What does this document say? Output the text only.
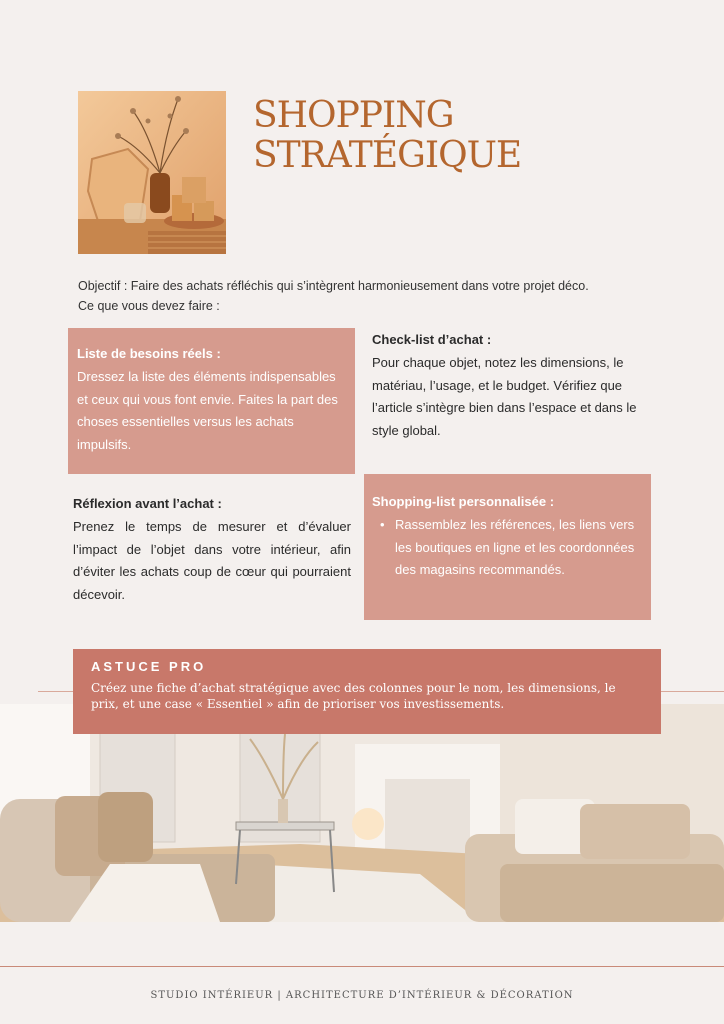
SHOPPING
STRATÉGIQUE

Objectif : Faire des achats réfléchis qui s’intègrent harmonieusement dans votre projet déco.

Ce que vous devez faire :

Liste de besoins réels :

Dressez la liste des éléments indispensables et ceux qui vous font envie. Faites la part des choses essentielles versus les achats impulsifs.

Check-list d’achat :

Pour chaque objet, notez les dimensions, le matériau, l’usage, et le budget. Vérifiez que l’article s’intègre bien dans l’espace et dans le style global.

Réflexion avant l’achat :

Prenez le temps de mesurer et d’évaluer l’impact de l’objet dans votre intérieur, afin d’éviter les achats coup de cœur qui pourraient décevoir.

Shopping-list personnalisée :
• Rassemblez les références, les liens vers les boutiques en ligne et les coordonnées des magasins recommandés.
ASTUCE PRO

Créez une fiche d’achat stratégique avec des colonnes pour le nom, les dimensions, le prix, et une case « Essentiel » afin de prioriser vos investissements.

STUDIO INTÉRIEUR | ARCHITECTURE D’INTÉRIEUR & DÉCORATION
